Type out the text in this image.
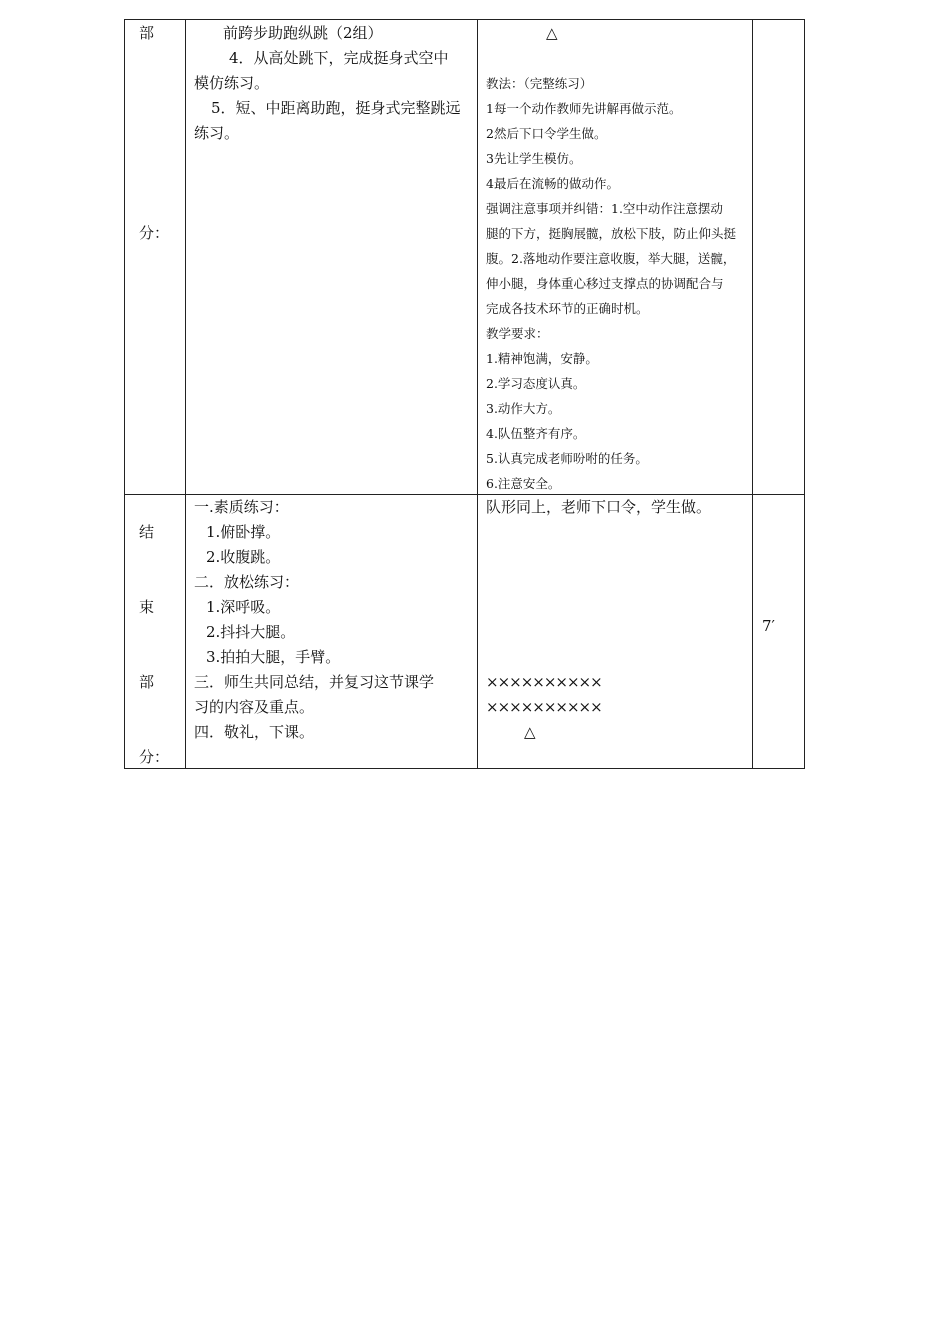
部
分：
前跨步助跑纵跳（2组）
4．从高处跳下，完成挺身式空中
模仿练习。
5．短、中距离助跑，挺身式完整跳远
练习。
△
教法：（完整练习）
1每一个动作教师先讲解再做示范。
2然后下口令学生做。
3先让学生模仿。
4最后在流畅的做动作。
强调注意事项并纠错：1.空中动作注意摆动
腿的下方，挺胸展髋，放松下肢，防止仰头挺
腹。2.落地动作要注意收腹，举大腿，送髋，
伸小腿，身体重心移过支撑点的协调配合与
完成各技术环节的正确时机。
教学要求：
1.精神饱满，安静。
2.学习态度认真。
3.动作大方。
4.队伍整齐有序。
5.认真完成老师吩咐的任务。
6.注意安全。
结
束
部
分：
一.素质练习：
1.俯卧撑。
2.收腹跳。
二．放松练习：
1.深呼吸。
2.抖抖大腿。
3.拍拍大腿，手臂。
三．师生共同总结，并复习这节课学
习的内容及重点。
四．敬礼，下课。
队形同上，老师下口令，学生做。
××××××××××
××××××××××
△
7′
